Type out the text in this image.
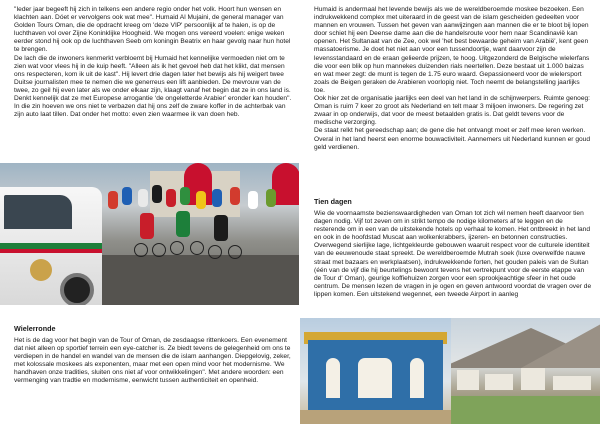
"Ieder jaar begeeft hij zich in telkens een andere regio onder het volk. Hoort hun wensen en klachten aan. Dóet er vervolgens ook wat mee". Humaid Al Mujaini, de general manager van Golden Tours Oman, die de opdracht kreeg om 'deze VIP' persoonlijk af te halen, is op de luchthaven vol over Zijne Koninklijke Hoogheid. We mogen ons vereerd voelen: enige weken eerder stond hij ook op de luchthaven Seeb om koningin Beatrix en haar gevolg naar hun hotel te brengen.

De lach die de inwoners kenmerkt verbloemt bij Humaid het kennelijke vermoeden niet om te zien wat voor vlees hij in de kuip heeft. "Alleen als ik het gevoel heb dat het klikt, dat mensen ons respecteren, kom ik uit de kast". Hij levert drie dagen later het bewijs als hij weigert twee Duitse journalisten mee te nemen die we generreus een lift aanbieden. De mevrouw van de twee, zo geil hij even later als we onder elkaar zijn, klaagt vanaf het begin dat ze in ons land is. Denkt kennelijk dat ze met Europese arrogantie ‘de ongeletterde Arabier’ eronder kan houden".

In die zin hoeven we ons niet te verbazen dat hij ons zelf de zware koffer in de achterbak van zijn auto laat tillen. Dat onder het motto: even zien waarmee ik van doen heb.

Humaid is andermaal het levende bewijs als we de wereldberoemde moskee bezoeken. Een indrukwekkend complex met uiteraard in de geest van de islam gescheiden gedeelten voor mannen en vrouwen. Tussen het geven van aanwijzingen aan mannen die er te bloot bij lopen door schiet hij een Deense dame aan die de handelsroute voor hem naar Scandinavië kan openen. Het Sultanaat van de Zee, ook wel 'het best bewaarde geheim van Arabië', kent geen massatoerisme. Je doet het niet aan voor een tussendoortje, want daarvoor zijn de levensstandaard en de eraan gelieerde prijzen, te hoog. Uitgezonderd de Belgische wielerfans die voor een blik op hun mannekes duizenden rials neertellen. Deze bestaat uit 1.000 baizas en wat meer zegt: de munt is tegen de 1.75 euro waard. Gepassioneerd voor de wielersport zoals de Beigen geraken de Arabieren voorlopig niet. Toch neemt de belangstelling jaarlijks toe.

Ook hier zet de organisatie jaarlijks een deel van het land in de schijnwerpers. Ruimte genoeg: Oman is ruim 7 keer zo groot als Nederland en telt maar 3 miljoen inwoners. De regering zet zwaar in op onderwijs, dat voor de meest betaalden gratis is. Dat geldt tevens voor de medische verzorging.

De staat relkt het gereedschap aan; de gene die het ontvangt moet er zelf mee leren werken. Overal in het land heerst een enorme bouwactiviteit. Aannemers uit Nederland kunnen er goud geld verdienen.

Tien dagen

Wie de voornaamste bezienswaardigheden van Oman tot zich wil nemen heeft daarvoor tien dagen nodig. Vijf tot zeven om in strikt tempo de nodige kilometers af te leggen en de resterende om in een van de uitstekende hotels op verhaal te komen. Het ontbreekt in het land en ook in de hoofdstad Muscat aan wolkenkrabbers, ijzeren- en betonnen constructies. Overwegend sierlijke lage, lichtgekleurde gebouwen waaruit respect voor de culturele identiteit van de eeuwenoude staat spreekt. De wereldberoemde Mutrah soek (luxe overwelfde nauwe straat met bazaars en werkplaatsen), indrukwekkende forten, het gouden paleis van de Sultan (één van de vijf die hij beurtelings bewoont tevens het vertrekpunt voor de eerste etappe van de Tour d' Oman), geurige koffiehuizen zorgen voor een sprookjeachtige sfeer in het oude centrum. De mensen lezen de vragen in je ogen en geven antwoord voordat de vragen over de lippen komen. Een uitstekend wegennet, een tweede Airport in aanleg

Wielerronde

Het is de dag voor het begin van de Tour of Oman, de zesdaagse rittenkoers. Een evenement dat niet alleen op sportief terrein een eye-catcher is. Ze biedt tevens de gelegenheid om ons te verdiepen in de handel en wandel van de mensen die de islam aanhangen. Diepgelovig, zeker, met kolossale moskees als exponenten, maar met een open mind voor het modernisme. 'We handhaven onze tradities, sluiten ons niet af voor ontwikkelingen". Met andere woorden: een vermenging van tradtie en modernisme, eenwicht tussen authenticiteit en openheid.
